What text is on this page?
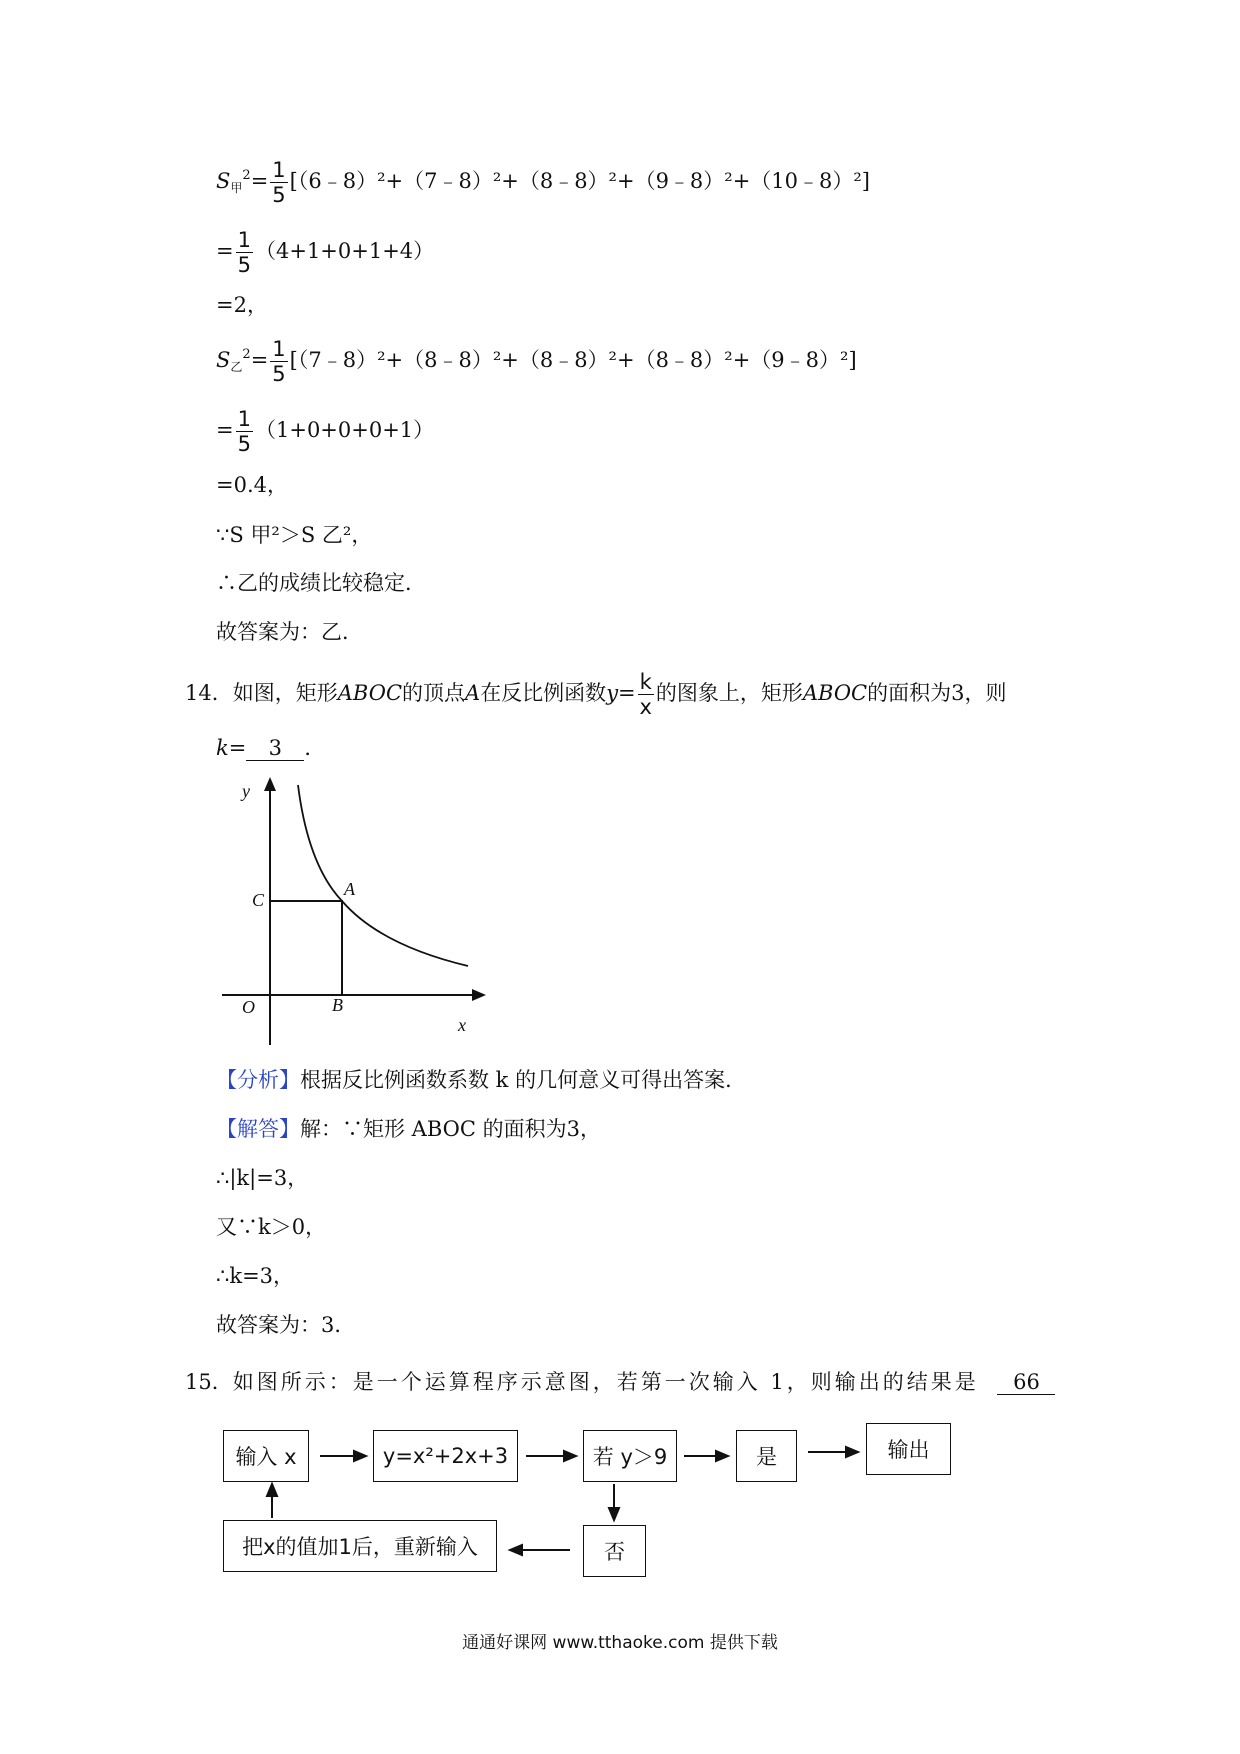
$S_甲^2= \frac{1}{5}$ [（6﹣8）²+（7﹣8）²+（8﹣8）²+（9﹣8）²+（10﹣8）²]
= $\frac{1}{5} (4+1+0+1+4)$
=2，
$S_乙^2= \frac{1}{5}$ [（7﹣8）²+（8﹣8）²+（8﹣8）²+（8﹣8）²+（9﹣8）²]
= $\frac{1}{5} (1+0+0+0+1)$
=0.4，
∵S 甲²＞S 乙²，
∴乙的成绩比较稳定．
故答案为：乙．
14．如图，矩形ABOC的顶点A在反比例函数$y= \frac{k}{x}$ 的图象上，矩形ABOC的面积为3，则
k= 3 ．
y
x
O	B
C
A
【分析】根据反比例函数系数 k 的几何意义可得出答案．
【解答】解：∵矩形 ABOC 的面积为3，
∴|k|=3，
又∵k＞0，
∴k=3，
故答案为：3．
15．如图所示：是一个运算程序示意图，若第一次输入 1，则输出的结果是 66
输入 x	y=x²+2x+3	若 y＞9	是	输出
否
把x的值加1后，重新输入
通通好课网 www.tthaoke.com 提供下载
